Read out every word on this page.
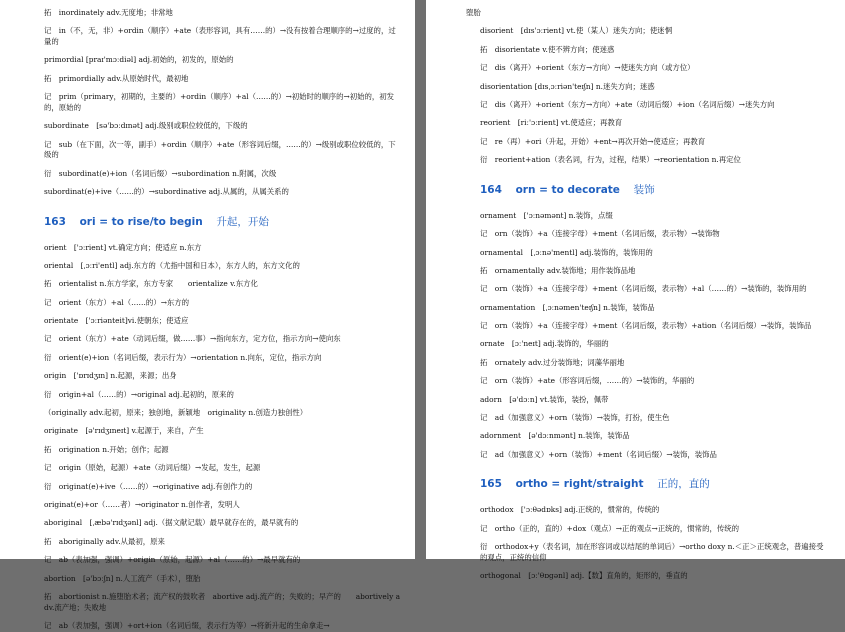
拓　inordinately adv.无度地；非常地

记　in（不，无，非）+ordin（顺序）+ate（表形容词，具有……的）→没有按着合理顺序的→过度的，过量的

primordial [praɪ'mɔːdiəl] adj.初始的，初发的，原始的

拓　primordially adv.从原始时代，最初地

记　prim（primary，初期的，主要的）+ordin（顺序）+al（……的）→初始时的顺序的→初始的，初发的，原始的

subordinate　[sə'bɔːdɪnət] adj.级别或职位较低的，下级的

记　sub（在下面，次一等，副手）+ordin（顺序）+ate（形容词后缀，……的）→级别或职位较低的，下级的

衍　subordinat(e)+ion（名词后缀）→subordination n.附属，次级

subordinat(e)+ive（……的）→subordinative adj.从属的，从属关系的

163 ori = to rise/to begin 升起，开始

orient　['ɔːrient] vt.确定方向；使适应 n.东方

oriental　[ˌɔːri'entl] adj.东方的（尤指中国和日本），东方人的，东方文化的

拓　orientalist n.东方学家，东方专家　　orientalize v.东方化

记　orient（东方）+al（……的）→东方的

orientate　['ɔːriənteit]vi.使朝东；使适应

记　orient（东方）+ate（动词后缀，做……事）→指向东方，定方位，指示方向→使向东

衍　orient(e)+ion（名词后缀，表示行为）→orientation n.向东，定位，指示方向

origin　['ɒrɪdʒɪn] n.起源，来源；出身

衍　origin+al（……的）→original adj.起初的，原来的

（originally adv.起初，原来；独创地，新颖地　originality n.创造力独创性）

originate　[ə'rɪdʒɪneɪt] v.起源于，来自，产生

拓　origination n.开始；创作；起源

记　origin（原始，起源）+ate（动词后缀）→发起，发生，起源

衍　originat(e)+ive（……的）→originative adj.有创作力的

originat(e)+or（……者）→originator n.创作者，发明人

aboriginal　[ˌæbə'rɪdʒənl] adj.（据文献记载）最早就存在的，最早就有的

拓　aboriginally adv.从最初，原来

记　ab（表加强，强调）+origin（原始，起源）+al（……的）→最早就有的

abortion　[ə'bɔːʃn] n.人工流产（手术），堕胎

拓　abortionist n.施堕胎术者；流产权的鼓吹者　abortive adj.流产的；失败的；早产的　　abortively adv.流产地；失败地

记　ab（表加强，强调）+ort+ion（名词后缀，表示行为等）→将新升起的生命拿走→

堕胎

disorient　[dɪs'ɔːrient] vt.使（某人）迷失方向；使迷惘

拓　disorientate v.使不辨方向；使迷惑

记　dis（离开）+orient（东方→方向）→使迷失方向（或方位）

disorientation [dɪsˌɔːriən'teɪʃn] n.迷失方向；迷惑

记　dis（离开）+orient（东方→方向）+ate（动词后缀）+ion（名词后缀）→迷失方向

reorient　[riː'ɔːrient] vt.使适应；再教育

记　re（再）+ori（升起，开始）+ent→再次开始→使适应；再教育

衍　reorient+ation（表名词，行为，过程，结果）→reorientation n.再定位

164 orn = to decorate 装饰

ornament　['ɔːnəmənt] n.装饰，点缀

记　orn（装饰）+a（连接字母）+ment（名词后缀，表示物）→装饰物

ornamental　[ˌɔːnə'mentl] adj.装饰的，装饰用的

拓　ornamentally adv.装饰地；用作装饰品地

记　orn（装饰）+a（连接字母）+ment（名词后缀，表示物）+al（……的）→装饰的，装饰用的

ornamentation　[ˌɔːnəmen'teɪʃn] n.装饰，装饰品

记　orn（装饰）+a（连接字母）+ment（名词后缀，表示物）+ation（名词后缀）→装饰，装饰品

ornate　[ɔː'neɪt] adj.装饰的，华丽的

拓　ornately adv.过分装饰地；词藻华丽地

记　orn（装饰）+ate（形容词后缀，……的）→装饰的，华丽的

adorn　[ə'dɔːn] vt.装饰，装扮，佩带

记　ad（加强意义）+orn（装饰）→装饰，打扮，使生色

adornment　[ə'dɔːnmənt] n.装饰，装饰品

记　ad（加强意义）+orn（装饰）+ment（名词后缀）→装饰，装饰品

165 ortho = right/straight 正的，直的

orthodox　['ɔːθədɒks] adj.正统的，惯常的，传统的

记　ortho（正的，直的）+dox（观点）→正的观点→正统的，惯常的，传统的

衍　orthodox+y（表名词，加在形容词或以结尾的单词后）→ortho doxy n.＜正＞正统观念，普遍接受的观点，正统的信仰

orthogonal　[ɔː'θɒgənl] adj.【数】直角的，矩形的，垂直的
